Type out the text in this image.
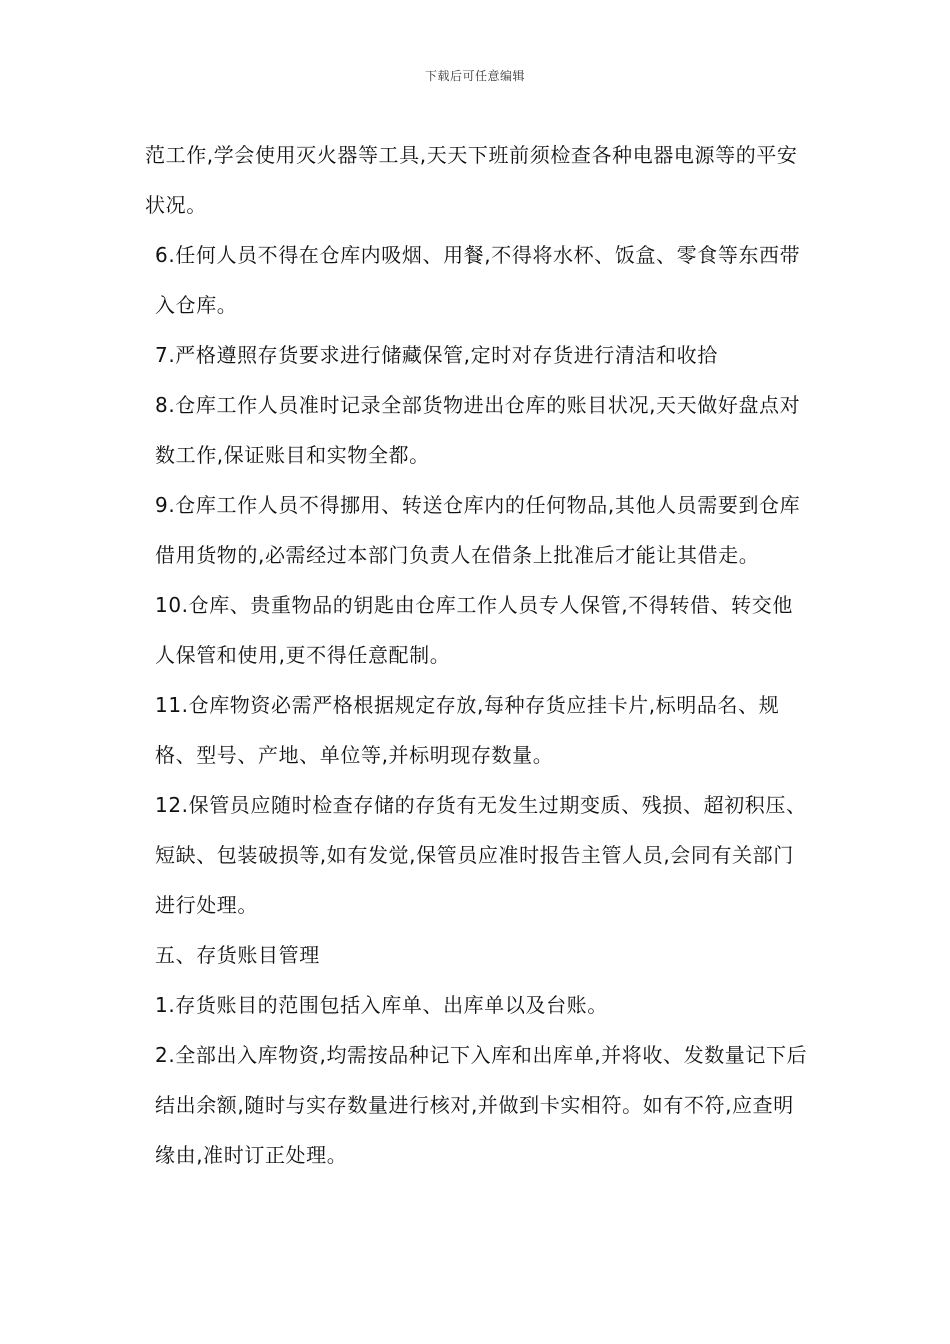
下载后可任意编辑

范工作,学会使用灭火器等工具,天天下班前须检查各种电器电源等的平安状况。

6.任何人员不得在仓库内吸烟、用餐,不得将水杯、饭盒、零食等东西带入仓库。

7.严格遵照存货要求进行储藏保管,定时对存货进行清洁和收拾

8.仓库工作人员准时记录全部货物进出仓库的账目状况,天天做好盘点对数工作,保证账目和实物全都。

9.仓库工作人员不得挪用、转送仓库内的任何物品,其他人员需要到仓库借用货物的,必需经过本部门负责人在借条上批准后才能让其借走。

10.仓库、贵重物品的钥匙由仓库工作人员专人保管,不得转借、转交他人保管和使用,更不得任意配制。

11.仓库物资必需严格根据规定存放,每种存货应挂卡片,标明品名、规格、型号、产地、单位等,并标明现存数量。

12.保管员应随时检查存储的存货有无发生过期变质、残损、超初积压、短缺、包装破损等,如有发觉,保管员应准时报告主管人员,会同有关部门进行处理。

五、存货账目管理

1.存货账目的范围包括入库单、出库单以及台账。

2.全部出入库物资,均需按品种记下入库和出库单,并将收、发数量记下后结出余额,随时与实存数量进行核对,并做到卡实相符。如有不符,应查明缘由,准时订正处理。
